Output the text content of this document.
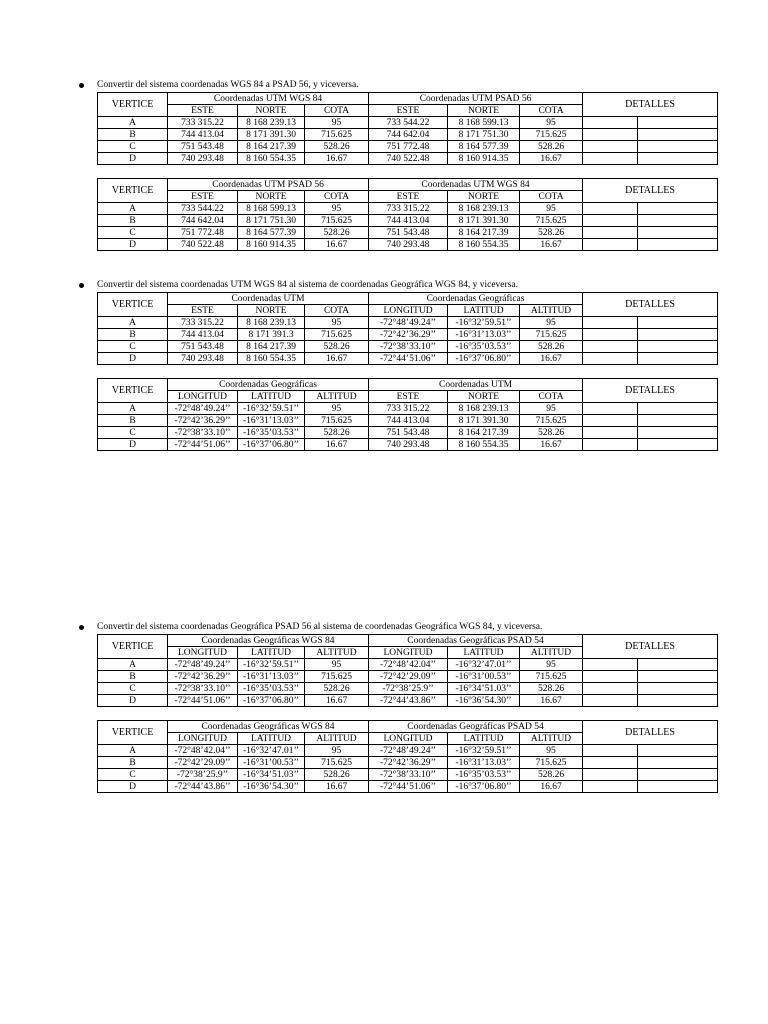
Convertir del sistema coordenadas WGS 84 a PSAD 56, y viceversa.
VERTICE	Coordenadas UTM WGS 84			Coordenadas UTM PSAD 56			DETALLES	
	ESTE	NORTE	COTA	ESTE	NORTE	COTA		
A	733 315.22	8 168 239.13	95	733 544.22	8 168 599.13	95		
B	744 413.04	8 171 391.30	715.625	744 642.04	8 171 751.30	715.625		
C	751 543.48	8 164 217.39	528.26	751 772.48	8 164 577.39	528.26		
D	740 293.48	8 160 554.35	16.67	740 522.48	8 160 914.35	16.67		
VERTICE	Coordenadas UTM PSAD 56			Coordenadas UTM WGS 84			DETALLES	
	ESTE	NORTE	COTA	ESTE	NORTE	COTA		
A	733 544.22	8 168 599.13	95	733 315.22	8 168 239.13	95		
B	744 642.04	8 171 751.30	715.625	744 413.04	8 171 391.30	715.625		
C	751 772.48	8 164 577.39	528.26	751 543.48	8 164 217.39	528.26		
D	740 522.48	8 160 914.35	16.67	740 293.48	8 160 554.35	16.67		
Convertir del sistema coordenadas UTM WGS 84 al sistema de coordenadas Geográfica WGS 84, y viceversa.
VERTICE	Coordenadas UTM			Coordenadas Geográficas			DETALLES	
	ESTE	NORTE	COTA	LONGITUD	LATITUD	ALTITUD		
A	733 315.22	8 168 239.13	95	-72°48’49.24’’	-16°32’59.51’’	95		
B	744 413.04	8 171 391.3	715.625	-72°42’36.29’’	-16°31’13.03’’	715.625		
C	751 543.48	8 164 217.39	528.26	-72°38’33.10’’	-16°35’03.53’’	528.26		
D	740 293.48	8 160 554.35	16.67	-72°44’51.06’’	-16°37’06.80’’	16.67		
VERTICE	Coordenadas Geográficas			Coordenadas UTM			DETALLES	
	LONGITUD	LATITUD	ALTITUD	ESTE	NORTE	COTA		
A	-72°48’49.24’’	-16°32’59.51’’	95	733 315.22	8 168 239.13	95		
B	-72°42’36.29’’	-16°31’13.03’’	715.625	744 413.04	8 171 391.30	715.625		
C	-72°38’33.10’’	-16°35’03.53’’	528.26	751 543.48	8 164 217.39	528.26		
D	-72°44’51.06’’	-16°37’06.80’’	16.67	740 293.48	8 160 554.35	16.67		
Convertir del sistema coordenadas Geográfica PSAD 56 al sistema de coordenadas Geográfica WGS 84, y viceversa.
VERTICE	Coordenadas Geográficas WGS 84			Coordenadas Geográficas PSAD 54			DETALLES	
	LONGITUD	LATITUD	ALTITUD	LONGITUD	LATITUD	ALTITUD		
A	-72°48’49.24’’	-16°32’59.51’’	95	-72°48’42.04’’	-16°32’47.01’’	95		
B	-72°42’36.29’’	-16°31’13.03’’	715.625	-72°42’29.09’’	-16°31’00.53’’	715.625		
C	-72°38’33.10’’	-16°35’03.53’’	528.26	-72°38’25.9’’	-16°34’51.03’’	528.26		
D	-72°44’51.06’’	-16°37’06.80’’	16.67	-72°44’43.86’’	-16°36’54.30’’	16.67		
VERTICE	Coordenadas Geográficas WGS 84			Coordenadas Geográficas PSAD 54			DETALLES	
	LONGITUD	LATITUD	ALTITUD	LONGITUD	LATITUD	ALTITUD		
A	-72°48’42.04’’	-16°32’47.01’’	95	-72°48’49.24’’	-16°32’59.51’’	95		
B	-72°42’29.09’’	-16°31’00.53’’	715.625	-72°42’36.29’’	-16°31’13.03’’	715.625		
C	-72°38’25.9’’	-16°34’51.03’’	528.26	-72°38’33.10’’	-16°35’03.53’’	528.26		
D	-72°44’43.86’’	-16°36’54.30’’	16.67	-72°44’51.06’’	-16°37’06.80’’	16.67		
